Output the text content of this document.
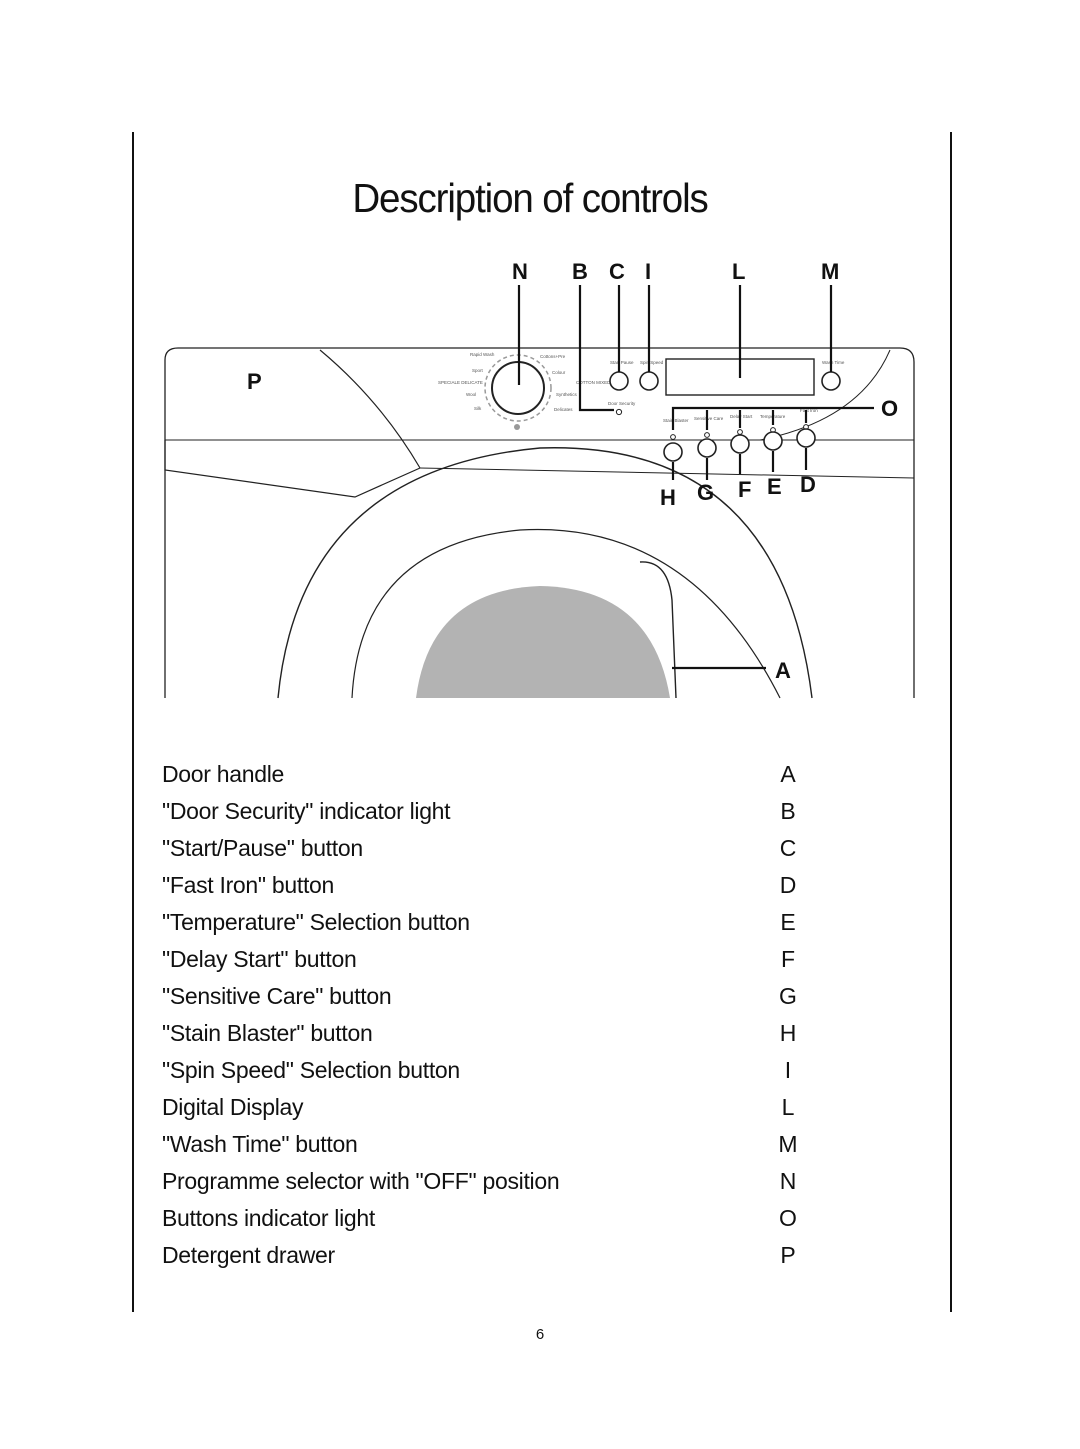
Description of controls
Rapid Wash	Cottons+Pre
Sport	Colour
SPECIALE DELICATE	COTTON MIXED
Wool	Synthetics
Silk	Delicates
Start Pause Spin Speed
Door Security
Wash Time
Stain Blaster Sensitive Care Delay Start Temperature
Fast Iron
N B C I	L	M
P
O
H G F E D
A
Door handle	A
"Door Security" indicator light	B
"Start/Pause" button	C
"Fast Iron" button	D
"Temperature" Selection button	E
"Delay Start" button	F
"Sensitive Care" button	G
"Stain Blaster" button	H
"Spin Speed" Selection button	I
Digital Display	L
"Wash Time" button	M
Programme selector with "OFF" position	N
Buttons indicator light	O
Detergent drawer	P
6
